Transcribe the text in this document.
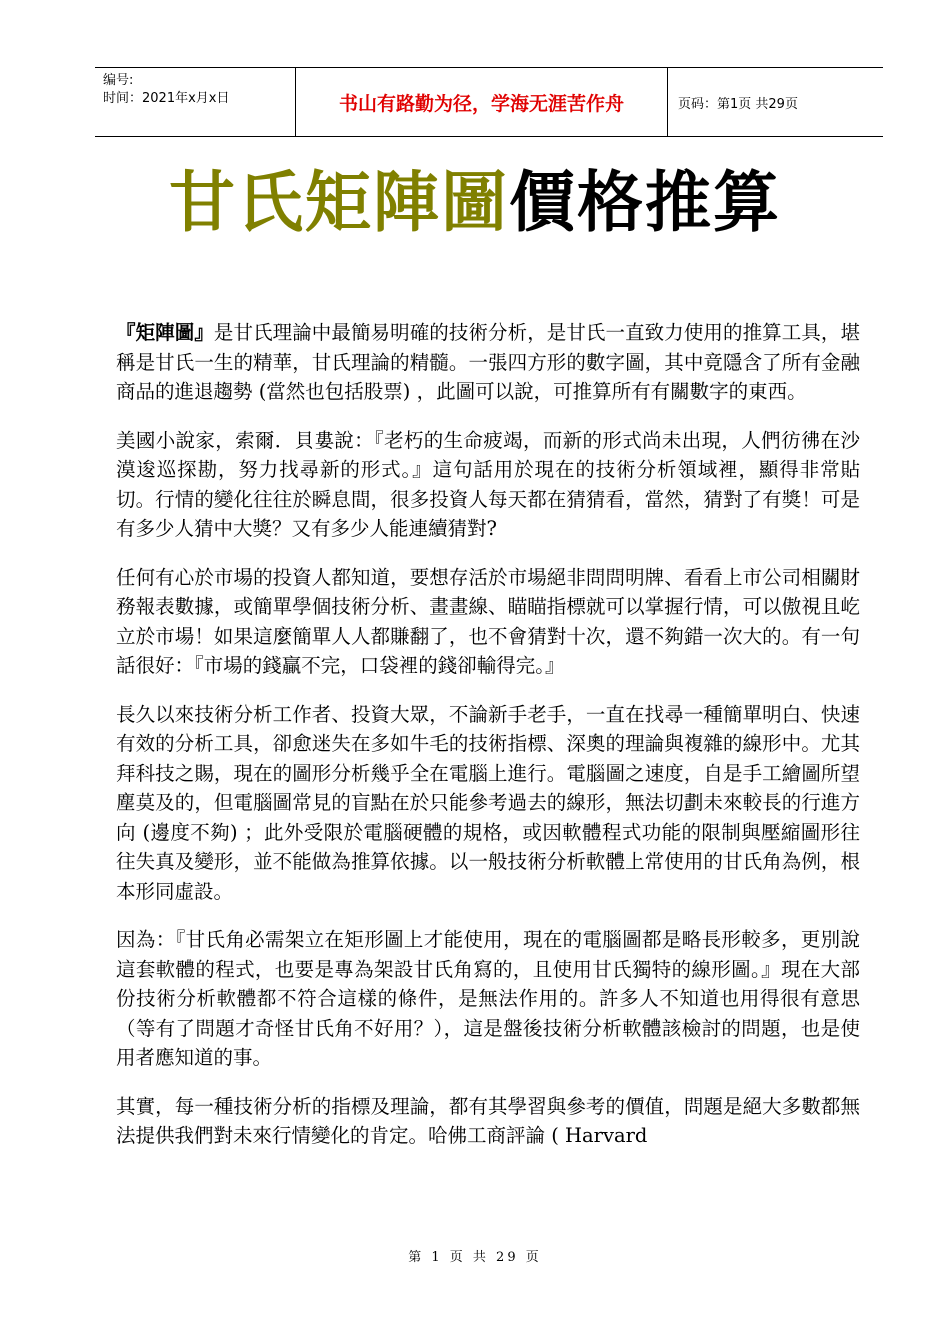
编号:
时间：2021年x月x日	书山有路勤为径，学海无涯苦作舟	页码：第1页 共29页
甘氏矩陣圖價格推算

『矩陣圖』是甘氏理論中最簡易明確的技術分析，是甘氏一直致力使用的推算工具，堪稱是甘氏一生的精華，甘氏理論的精髓。一張四方形的數字圖，其中竟隱含了所有金融商品的進退趨勢 (當然也包括股票) ，此圖可以說，可推算所有有關數字的東西。

美國小說家，索爾．貝婁說：『老朽的生命疲竭，而新的形式尚未出現，人們彷彿在沙漠逡巡探勘，努力找尋新的形式。』這句話用於現在的技術分析領域裡，顯得非常貼切。行情的變化往往於瞬息間，很多投資人每天都在猜猜看，當然，猜對了有獎！可是有多少人猜中大獎？又有多少人能連續猜對?

任何有心於市場的投資人都知道，要想存活於市場絕非問問明牌、看看上市公司相關財務報表數據，或簡單學個技術分析、畫畫線、瞄瞄指標就可以掌握行情，可以傲視且屹立於市場！如果這麼簡單人人都賺翻了，也不會猜對十次，還不夠錯一次大的。有一句話很好：『市場的錢贏不完，口袋裡的錢卻輸得完。』

長久以來技術分析工作者、投資大眾，不論新手老手，一直在找尋一種簡單明白、快速有效的分析工具，卻愈迷失在多如牛毛的技術指標、深奧的理論與複雜的線形中。尤其拜科技之賜，現在的圖形分析幾乎全在電腦上進行。電腦圖之速度，自是手工繪圖所望塵莫及的，但電腦圖常見的盲點在於只能參考過去的線形，無法切劃未來較長的行進方向 (邊度不夠) ；此外受限於電腦硬體的規格，或因軟體程式功能的限制與壓縮圖形往往失真及變形，並不能做為推算依據。以一般技術分析軟體上常使用的甘氏角為例，根本形同虛設。

因為：『甘氏角必需架立在矩形圖上才能使用，現在的電腦圖都是略長形較多，更別說這套軟體的程式，也要是專為架設甘氏角寫的，且使用甘氏獨特的線形圖。』現在大部份技術分析軟體都不符合這樣的條件，是無法作用的。許多人不知道也用得很有意思（等有了問題才奇怪甘氏角不好用？），這是盤後技術分析軟體該檢討的問題，也是使用者應知道的事。

其實，每一種技術分析的指標及理論，都有其學習與參考的價值，問題是絕大多數都無法提供我們對未來行情變化的肯定。哈佛工商評論 ( Harvard

第 1 页 共 29 页
